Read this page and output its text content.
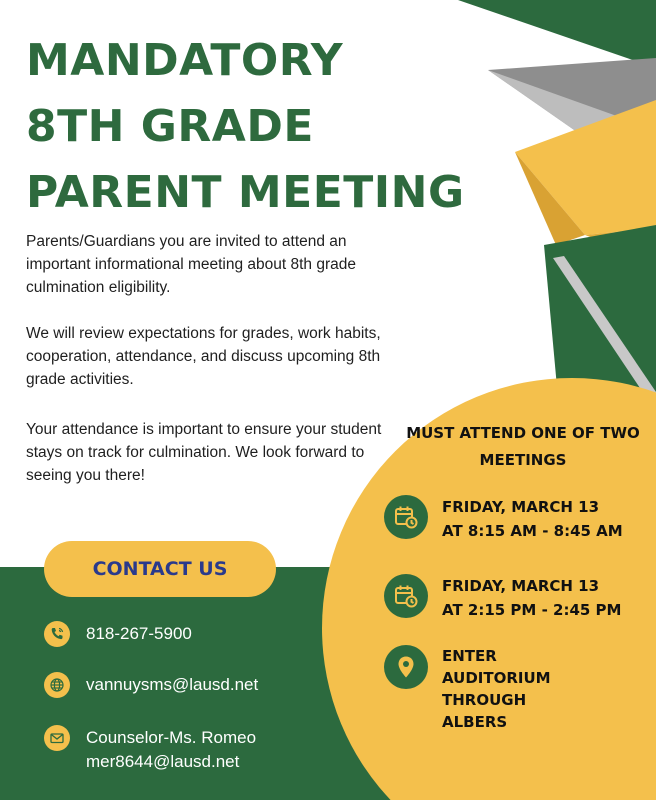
MANDATORY
8TH GRADE
PARENT MEETING

Parents/Guardians you are invited to attend an important informational meeting about 8th grade culmination eligibility.

We will review expectations for grades, work habits, cooperation, attendance, and discuss upcoming 8th grade activities.

Your attendance is important to ensure your student stays on track for culmination. We look forward to seeing you there!

CONTACT US
818-267-5900
vannuysms@lausd.net
Counselor-Ms. Romeo
mer8644@lausd.net

MUST ATTEND ONE OF TWO MEETINGS

FRIDAY, MARCH 13
AT 8:15 AM - 8:45 AM
FRIDAY, MARCH 13
AT 2:15 PM - 2:45 PM
ENTER
AUDITORIUM
THROUGH
ALBERS
